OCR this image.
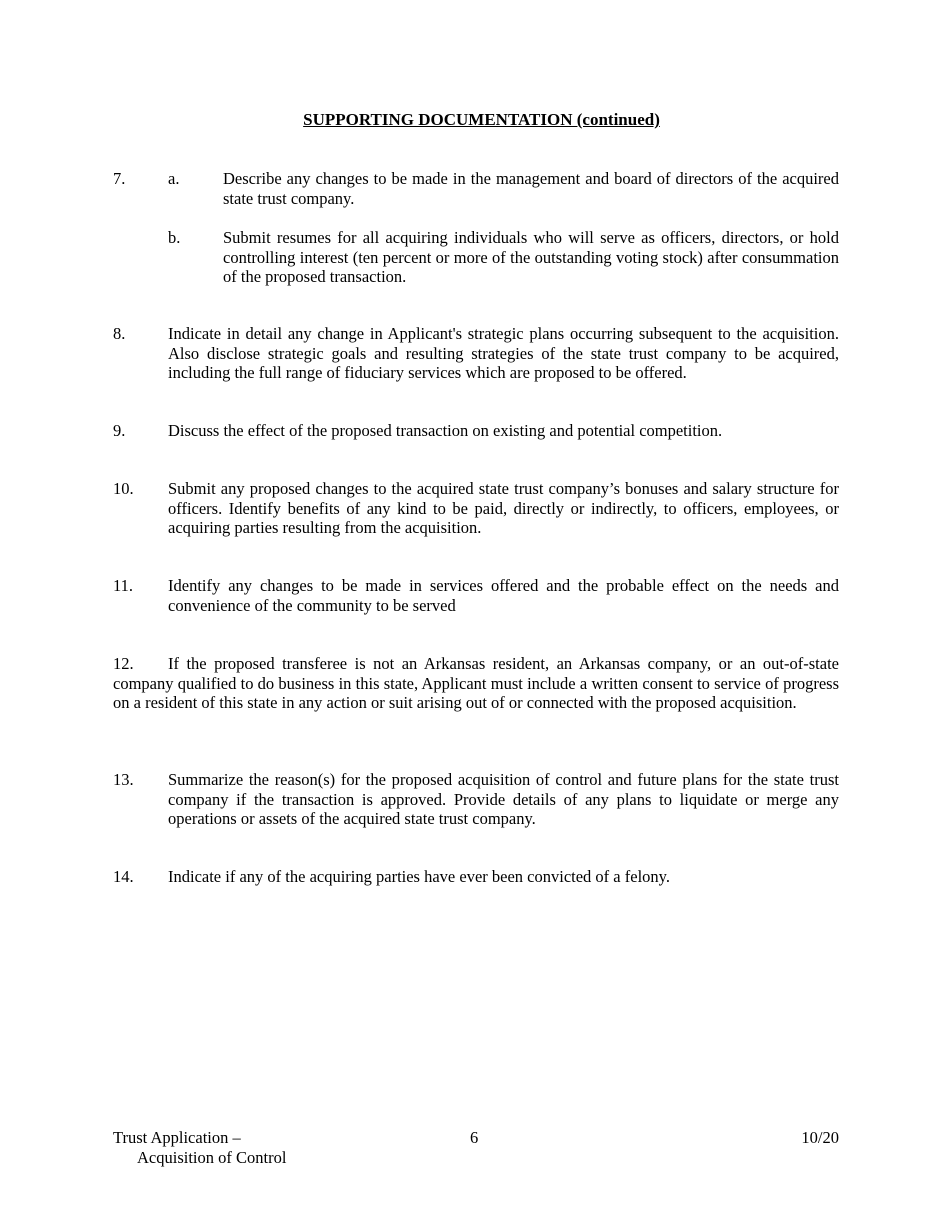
SUPPORTING DOCUMENTATION (continued)
7.	a.	Describe any changes to be made in the management and board of directors of the acquired state trust company.
b.	Submit resumes for all acquiring individuals who will serve as officers, directors, or hold controlling interest (ten percent or more of the outstanding voting stock) after consummation of the proposed transaction.
8.	Indicate in detail any change in Applicant's strategic plans occurring subsequent to the acquisition. Also disclose strategic goals and resulting strategies of the state trust company to be acquired, including the full range of fiduciary services which are proposed to be offered.
9.	Discuss the effect of the proposed transaction on existing and potential competition.
10. Submit any proposed changes to the acquired state trust company’s bonuses and salary structure for officers. Identify benefits of any kind to be paid, directly or indirectly, to officers, employees, or acquiring parties resulting from the acquisition.
11. Identify any changes to be made in services offered and the probable effect on the needs and convenience of the community to be served
12. If the proposed transferee is not an Arkansas resident, an Arkansas company, or an out-of-state company qualified to do business in this state, Applicant must include a written consent to service of progress on a resident of this state in any action or suit arising out of or connected with the proposed acquisition.
13. Summarize the reason(s) for the proposed acquisition of control and future plans for the state trust company if the transaction is approved. Provide details of any plans to liquidate or merge any operations or assets of the acquired state trust company.
14. Indicate if any of the acquiring parties have ever been convicted of a felony.
Trust Application –
Acquisition of Control
6	10/20
